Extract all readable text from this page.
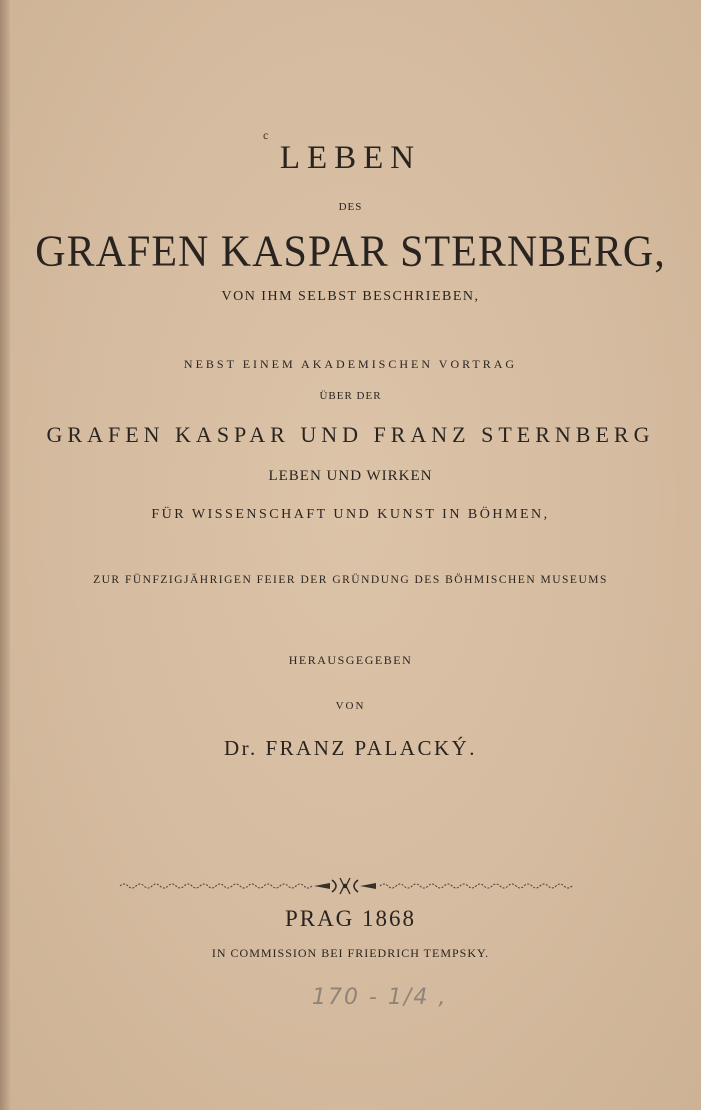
c
LEBEN
DES
GRAFEN KASPAR STERNBERG,
VON IHM SELBST BESCHRIEBEN,
NEBST EINEM AKADEMISCHEN VORTRAG
ÜBER DER
GRAFEN KASPAR UND FRANZ STERNBERG
LEBEN UND WIRKEN
FÜR WISSENSCHAFT UND KUNST IN BÖHMEN,
ZUR FÜNFZIGJÄHRIGEN FEIER DER GRÜNDUNG DES BÖHMISCHEN MUSEUMS
HERAUSGEGEBEN
VON
Dr. FRANZ PALACKÝ.
PRAG 1868
IN COMMISSION BEI FRIEDRICH TEMPSKY.
170 - 1/4 ,
